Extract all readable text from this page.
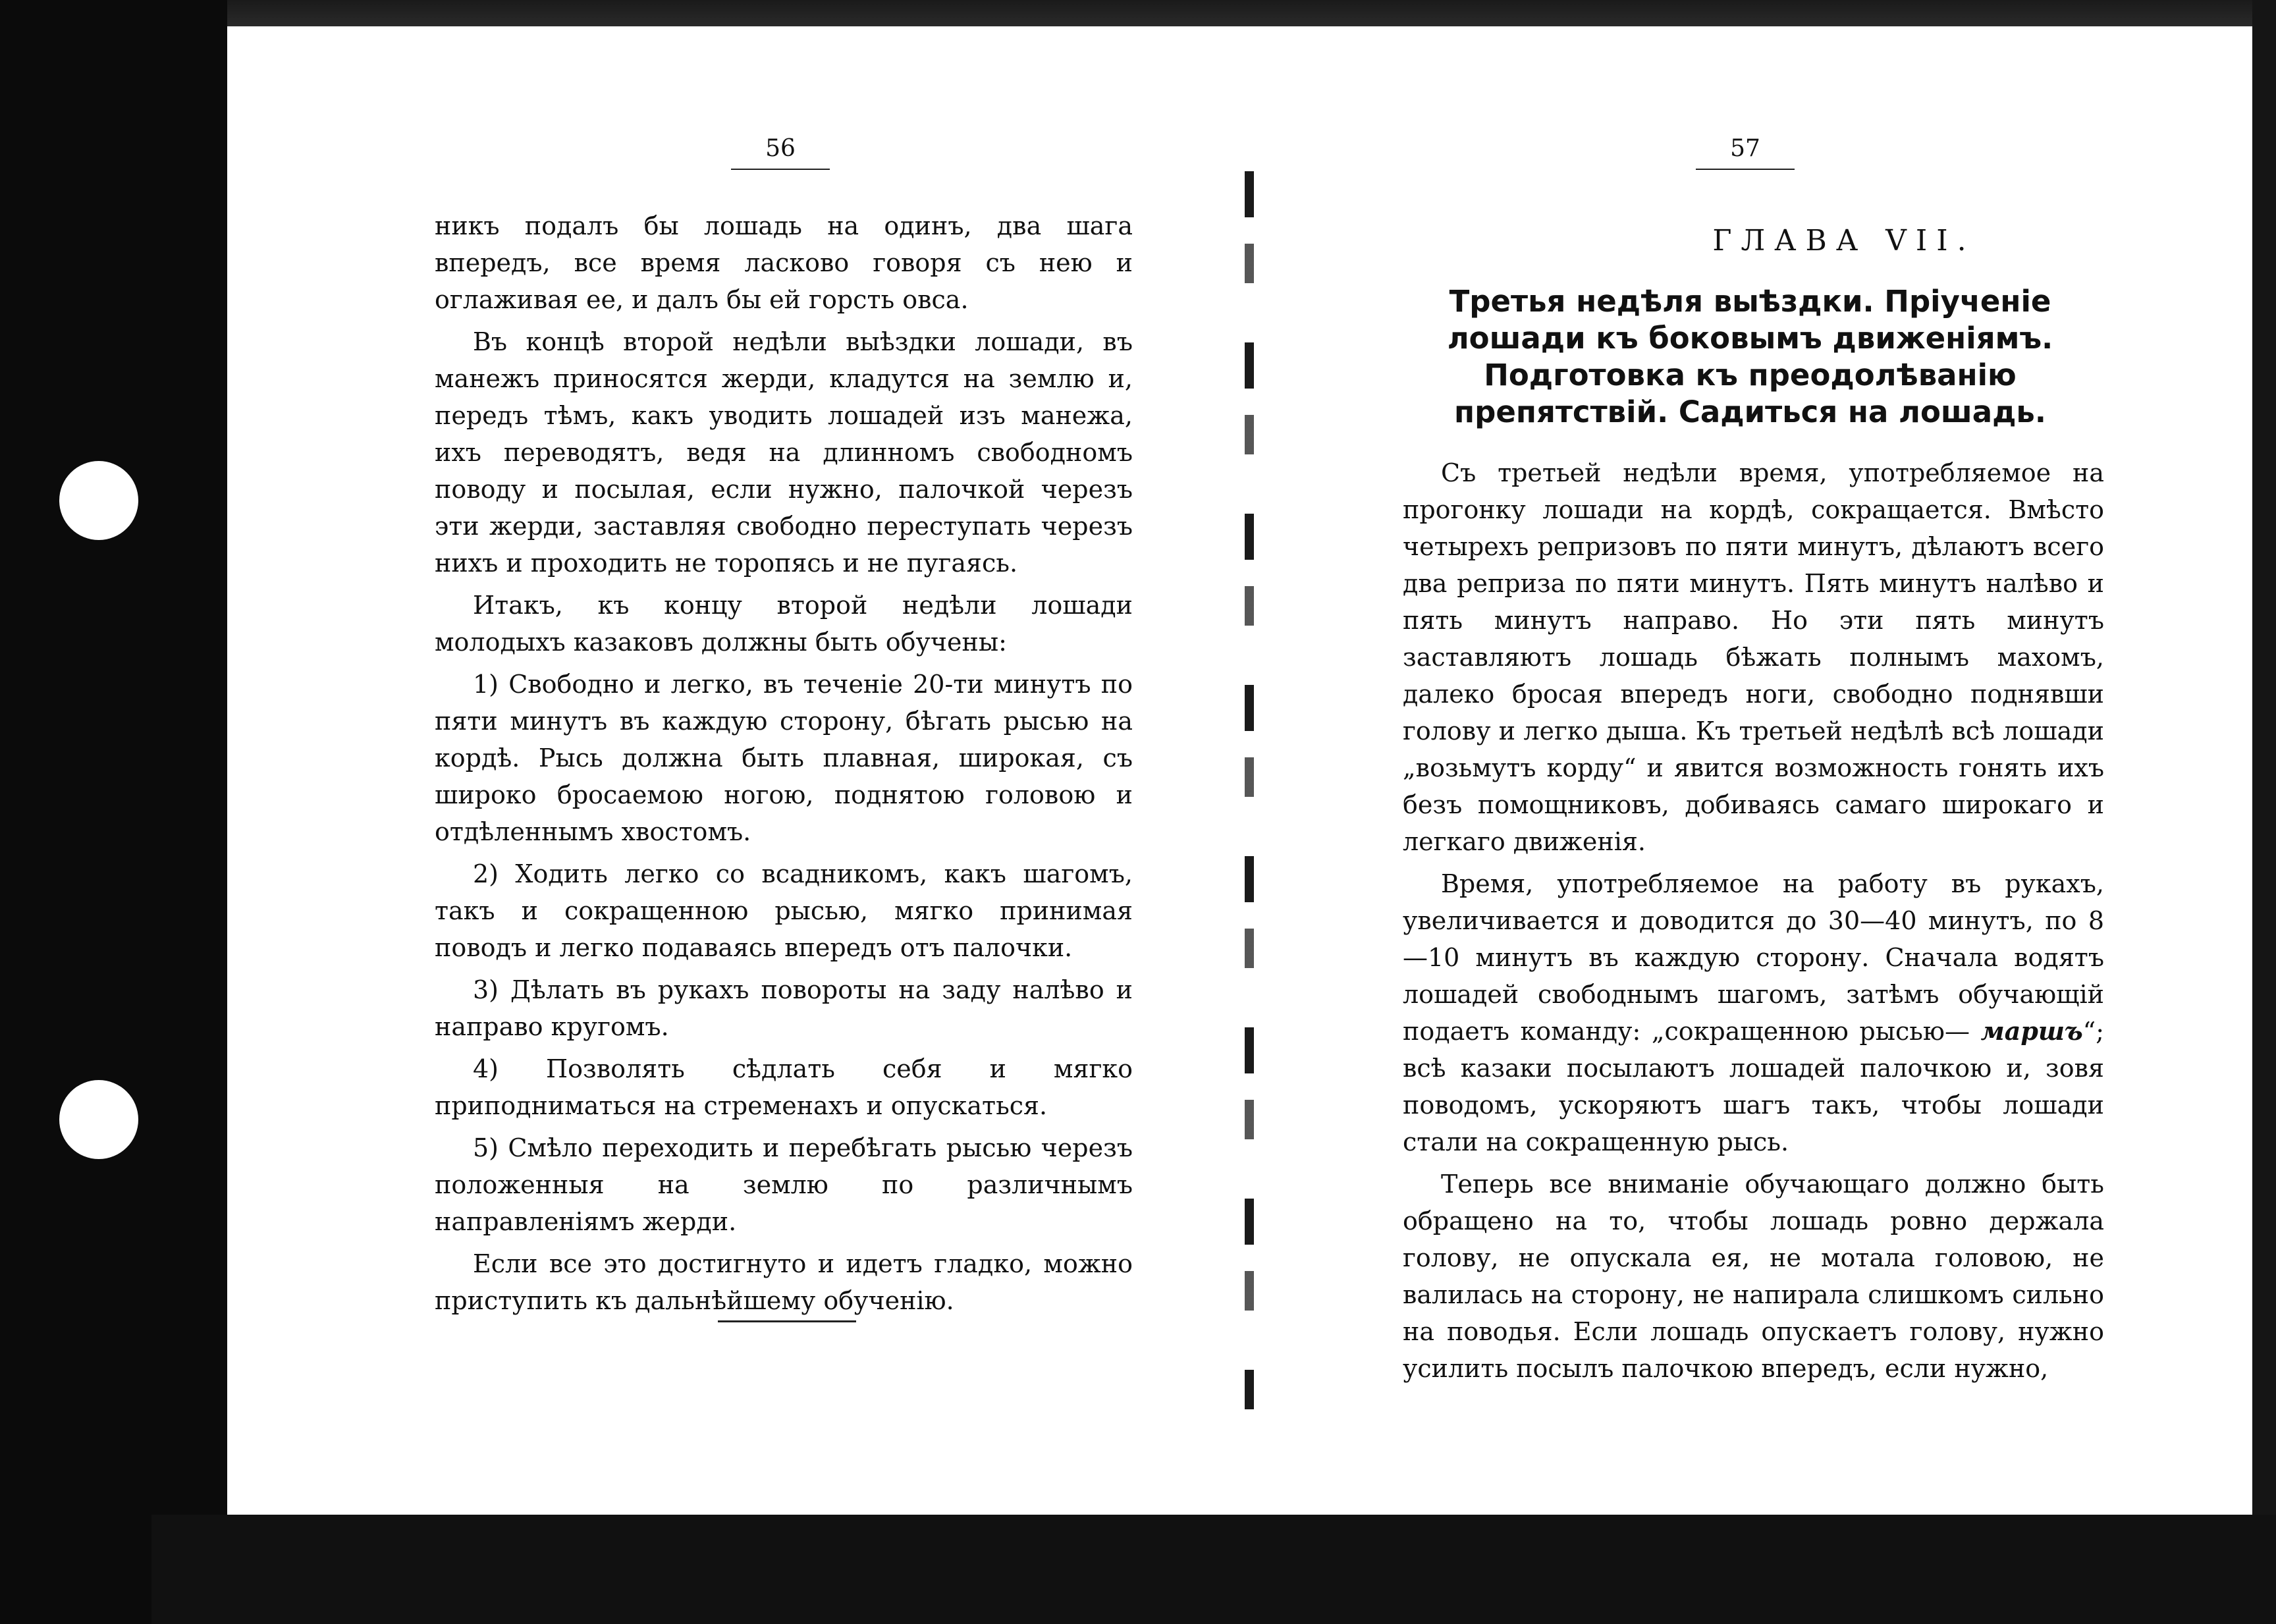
56

никъ подалъ бы лошадь на одинъ, два шага впередъ, все время ласково говоря съ нею и оглаживая ее, и далъ бы ей горсть овса.

Въ концѣ второй недѣли выѣздки лошади, въ манежъ приносятся жерди, кладутся на землю и, передъ тѣмъ, какъ уводить лошадей изъ манежа, ихъ переводятъ, ведя на длинномъ свободномъ поводу и посылая, если нужно, палочкой черезъ эти жерди, заставляя свободно переступать черезъ нихъ и проходить не торопясь и не пугаясь.

Итакъ, къ концу второй недѣли лошади молодыхъ казаковъ должны быть обучены:

1) Свободно и легко, въ теченіе 20-ти минутъ по пяти минутъ въ каждую сторону, бѣгать рысью на кордѣ. Рысь должна быть плавная, широкая, съ широко бросаемою ногою, поднятою головою и отдѣленнымъ хвостомъ.

2) Ходить легко со всадникомъ, какъ шагомъ, такъ и сокращенною рысью, мягко принимая поводъ и легко подаваясь впередъ отъ палочки.

3) Дѣлать въ рукахъ повороты на заду налѣво и направо кругомъ.

4) Позволять сѣдлать себя и мягко приподниматься на стременахъ и опускаться.

5) Смѣло переходить и перебѣгать рысью черезъ положенныя на землю по различнымъ направленіямъ жерди.

Если все это достигнуто и идетъ гладко, можно приступить къ дальнѣйшему обученію.

57
ГЛАВА VII.
Третья недѣля выѣздки. Пріученіе лошади къ боковымъ движеніямъ. Подготовка къ преодолѣванію препятствій. Садиться на лошадь.

Съ третьей недѣли время, употребляемое на прогонку лошади на кордѣ, сокращается. Вмѣсто четырехъ репризовъ по пяти минутъ, дѣлаютъ всего два реприза по пяти минутъ. Пять минутъ налѣво и пять минутъ направо. Но эти пять минутъ заставляютъ лошадь бѣжать полнымъ махомъ, далеко бросая впередъ ноги, свободно поднявши голову и легко дыша. Къ третьей недѣлѣ всѣ лошади „возьмутъ корду“ и явится возможность гонять ихъ безъ помощниковъ, добиваясь самаго широкаго и легкаго движенія.

Время, употребляемое на работу въ рукахъ, увеличивается и доводится до 30—40 минутъ, по 8—10 минутъ въ каждую сторону. Сначала водятъ лошадей свободнымъ шагомъ, затѣмъ обучающій подаетъ команду: „сокращенною рысью— маршъ“; всѣ казаки посылаютъ лошадей палочкою и, зовя поводомъ, ускоряютъ шагъ такъ, чтобы лошади стали на сокращенную рысь.

Теперь все вниманіе обучающаго должно быть обращено на то, чтобы лошадь ровно держала голову, не опускала ея, не мотала головою, не валилась на сторону, не напирала слишкомъ сильно на поводья. Если лошадь опускаетъ голову, нужно усилить посылъ палочкою впередъ, если нужно,
